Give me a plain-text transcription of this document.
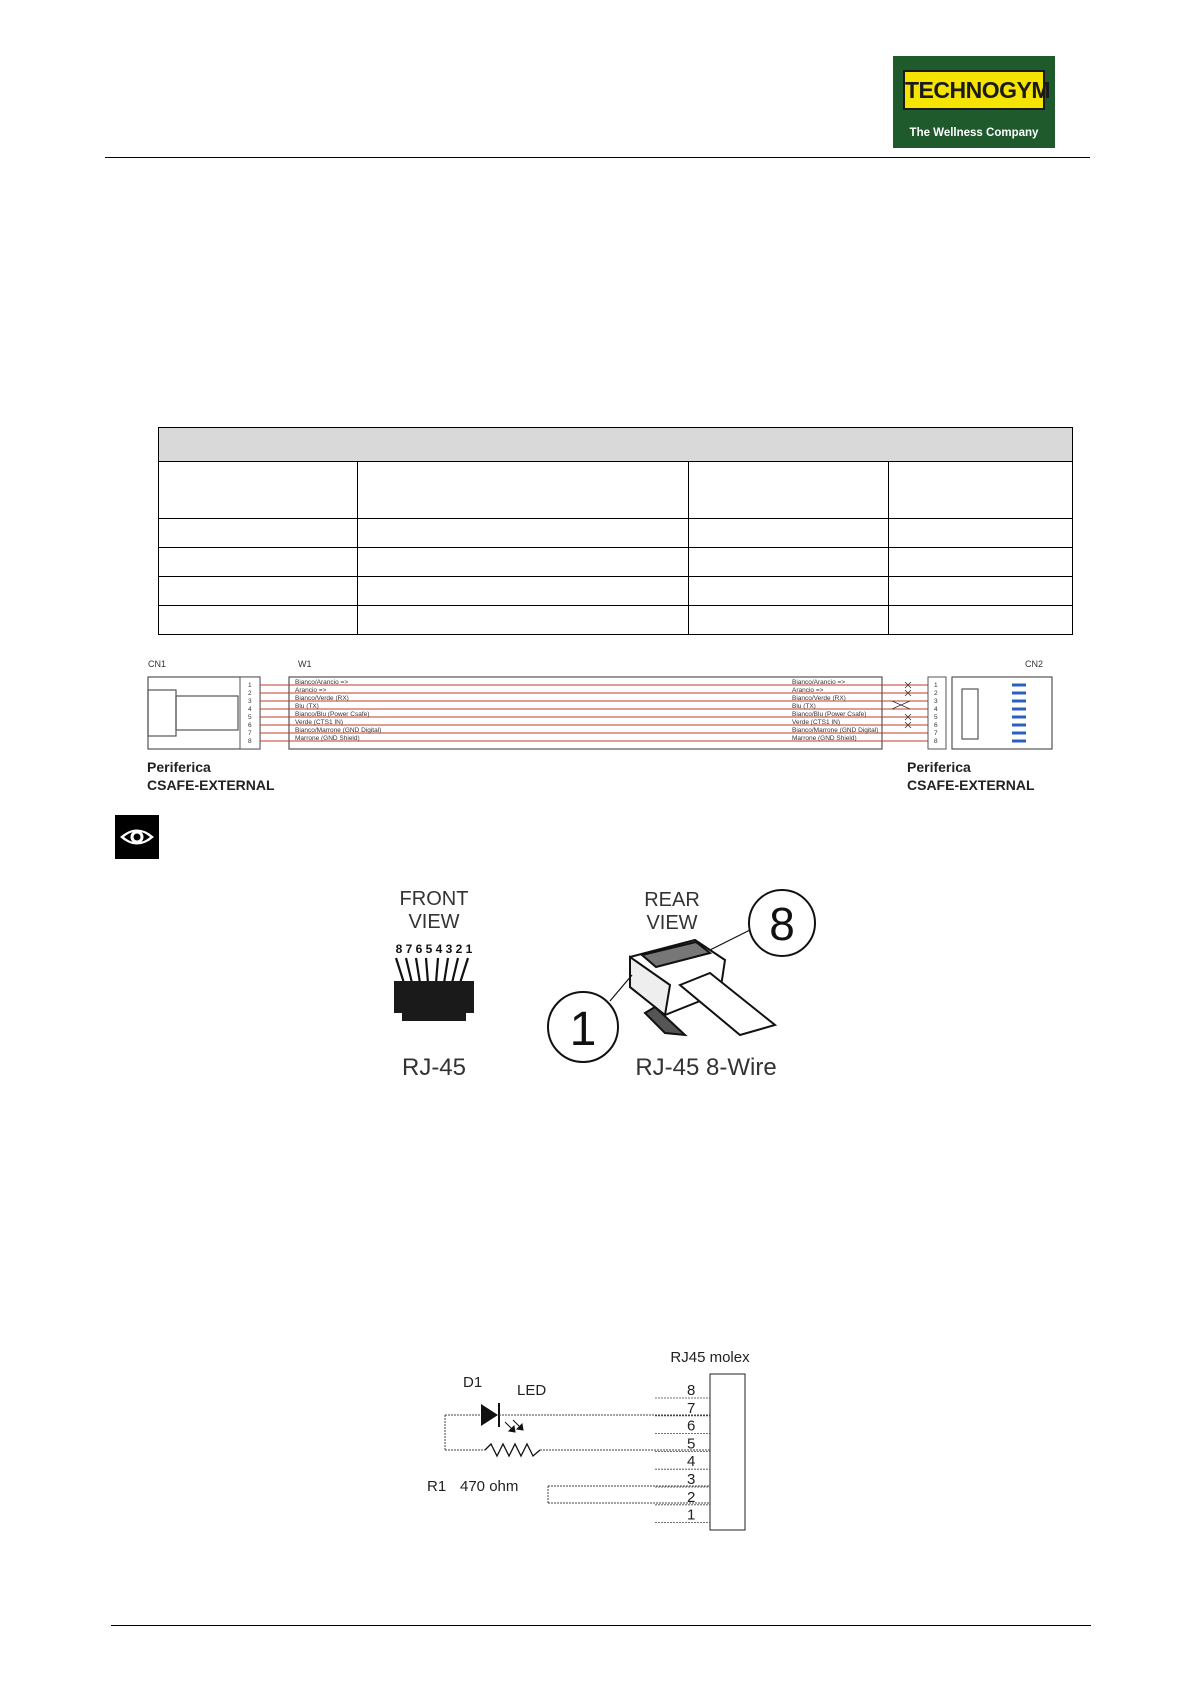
TECHNOGYM
The Wellness Company

CN1
1
2
3
4
5
6
7
8
W1
Bianco/Arancio =>
Arancio =>
Bianco/Verde (RX)
Blu (TX)
Bianco/Blu (Power Csafe)
Verde (CTS1 IN)
Bianco/Marrone (GND Digital)
Marrone (GND Shield)
Bianco/Arancio =>
Arancio =>
Bianco/Verde (RX)
Blu (TX)
Bianco/Blu (Power Csafe)
Verde (CTS1 IN)
Bianco/Marrone (GND Digital)
Marrone (GND Shield)
CN2
1
2
3
4
5
6
7
8
Periferica
CSAFE-EXTERNAL
Periferica
CSAFE-EXTERNAL
FRONT
VIEW
8 7 6 5 4 3 2 1
RJ-45
REAR
VIEW 8
1
RJ-45 8-Wire
RJ45 molex
8
7
6
5
4
3
2
1
D1 LED
R1 470 ohm
